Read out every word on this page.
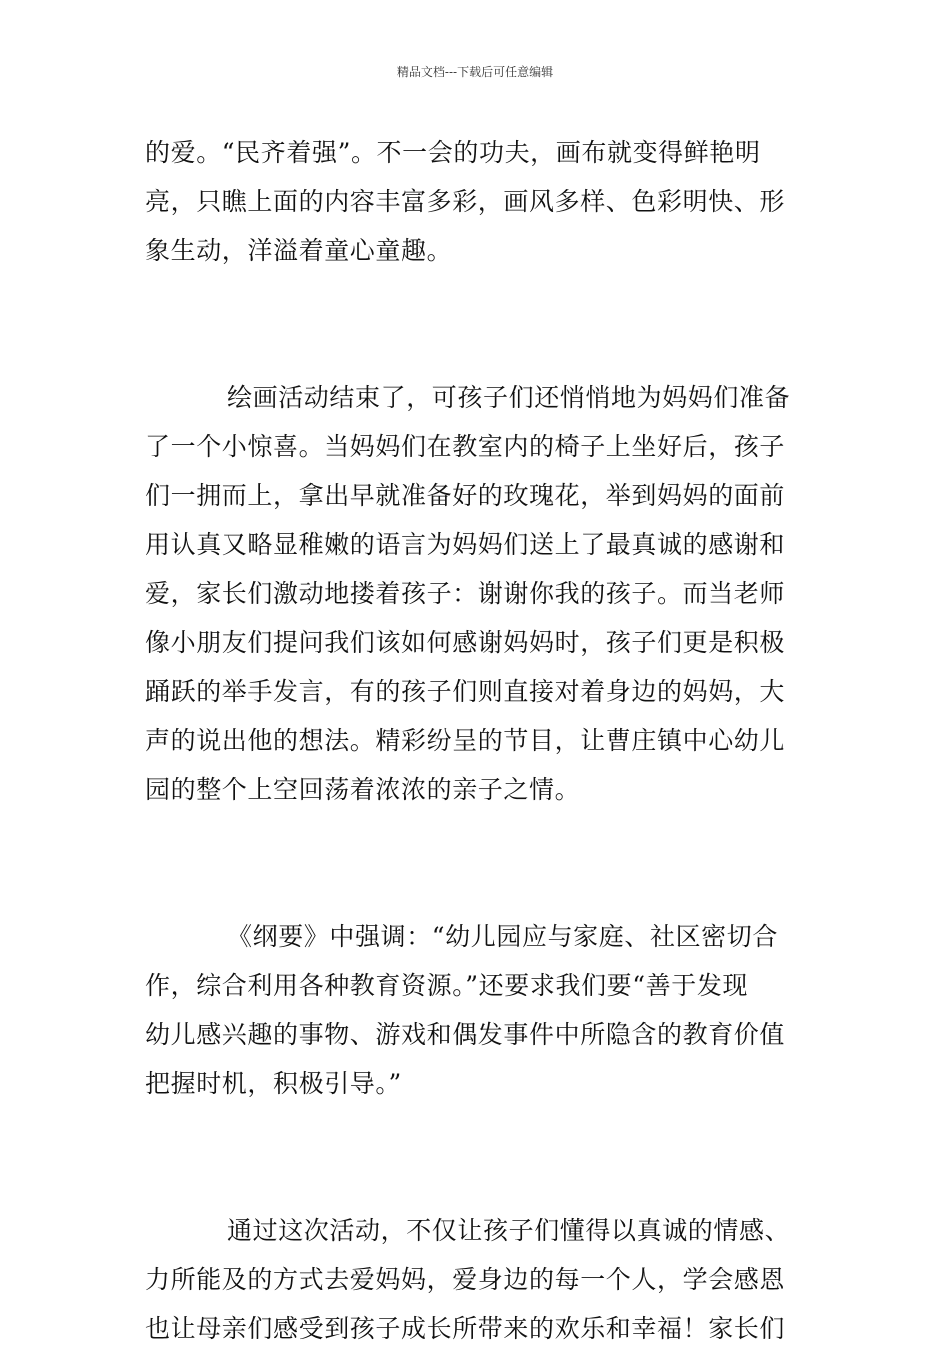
精品文档---下载后可任意编辑
的爱。“民齐着强”。不一会的功夫，画布就变得鲜艳明
亮，只瞧上面的内容丰富多彩，画风多样、色彩明快、形
象生动，洋溢着童心童趣。
绘画活动结束了，可孩子们还悄悄地为妈妈们准备
了一个小惊喜。当妈妈们在教室内的椅子上坐好后，孩子
们一拥而上，拿出早就准备好的玫瑰花，举到妈妈的面前
用认真又略显稚嫩的语言为妈妈们送上了最真诚的感谢和
爱，家长们激动地搂着孩子：谢谢你我的孩子。而当老师
像小朋友们提问我们该如何感谢妈妈时，孩子们更是积极
踊跃的举手发言，有的孩子们则直接对着身边的妈妈，大
声的说出他的想法。精彩纷呈的节目，让曹庄镇中心幼儿
园的整个上空回荡着浓浓的亲子之情。
《纲要》中强调：“幼儿园应与家庭、社区密切合
作，综合利用各种教育资源。”还要求我们要“善于发现
幼儿感兴趣的事物、游戏和偶发事件中所隐含的教育价值
把握时机，积极引导。”
通过这次活动，不仅让孩子们懂得以真诚的情感、
力所能及的方式去爱妈妈，爱身边的每一个人，学会感恩
也让母亲们感受到孩子成长所带来的欢乐和幸福！家长们
